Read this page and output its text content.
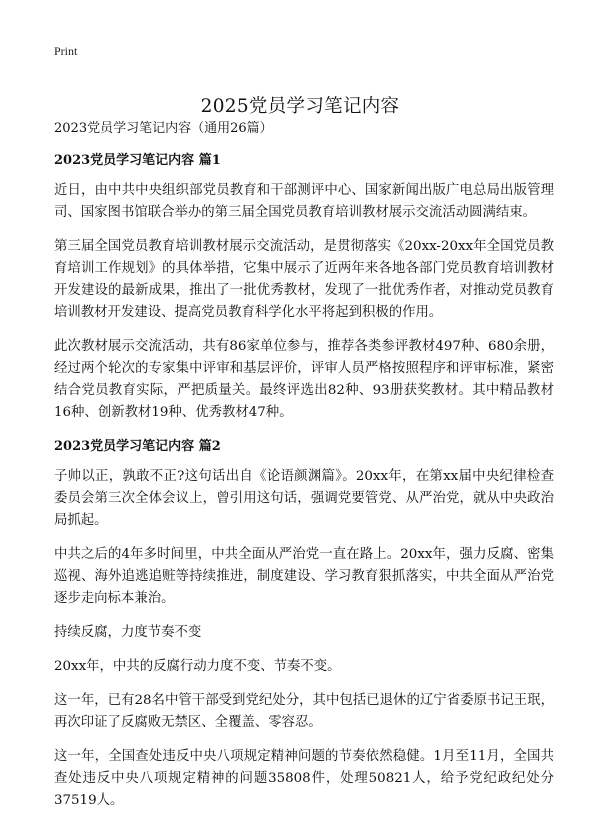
Print
2025党员学习笔记内容
2023党员学习笔记内容（通用26篇）
2023党员学习笔记内容 篇1

近日，由中共中央组织部党员教育和干部测评中心、国家新闻出版广电总局出版管理司、国家图书馆联合举办的第三届全国党员教育培训教材展示交流活动圆满结束。

第三届全国党员教育培训教材展示交流活动，是贯彻落实《20xx-20xx年全国党员教育培训工作规划》的具体举措，它集中展示了近两年来各地各部门党员教育培训教材开发建设的最新成果，推出了一批优秀教材，发现了一批优秀作者，对推动党员教育培训教材开发建设、提高党员教育科学化水平将起到积极的作用。

此次教材展示交流活动，共有86家单位参与，推荐各类参评教材497种、680余册，经过两个轮次的专家集中评审和基层评价，评审人员严格按照程序和评审标准，紧密结合党员教育实际，严把质量关。最终评选出82种、93册获奖教材。其中精品教材16种、创新教材19种、优秀教材47种。

2023党员学习笔记内容 篇2

子帅以正，孰敢不正?这句话出自《论语颜渊篇》。20xx年，在第xx届中央纪律检查委员会第三次全体会议上，曾引用这句话，强调党要管党、从严治党，就从中央政治局抓起。

中共之后的4年多时间里，中共全面从严治党一直在路上。20xx年，强力反腐、密集巡视、海外追逃追赃等持续推进，制度建设、学习教育狠抓落实，中共全面从严治党逐步走向标本兼治。

持续反腐，力度节奏不变

20xx年，中共的反腐行动力度不变、节奏不变。

这一年，已有28名中管干部受到党纪处分，其中包括已退休的辽宁省委原书记王珉，再次印证了反腐败无禁区、全覆盖、零容忍。

这一年，全国查处违反中央八项规定精神问题的节奏依然稳健。1月至11月，全国共查处违反中央八项规定精神的问题35808件，处理50821人，给予党纪政纪处分37519人。
